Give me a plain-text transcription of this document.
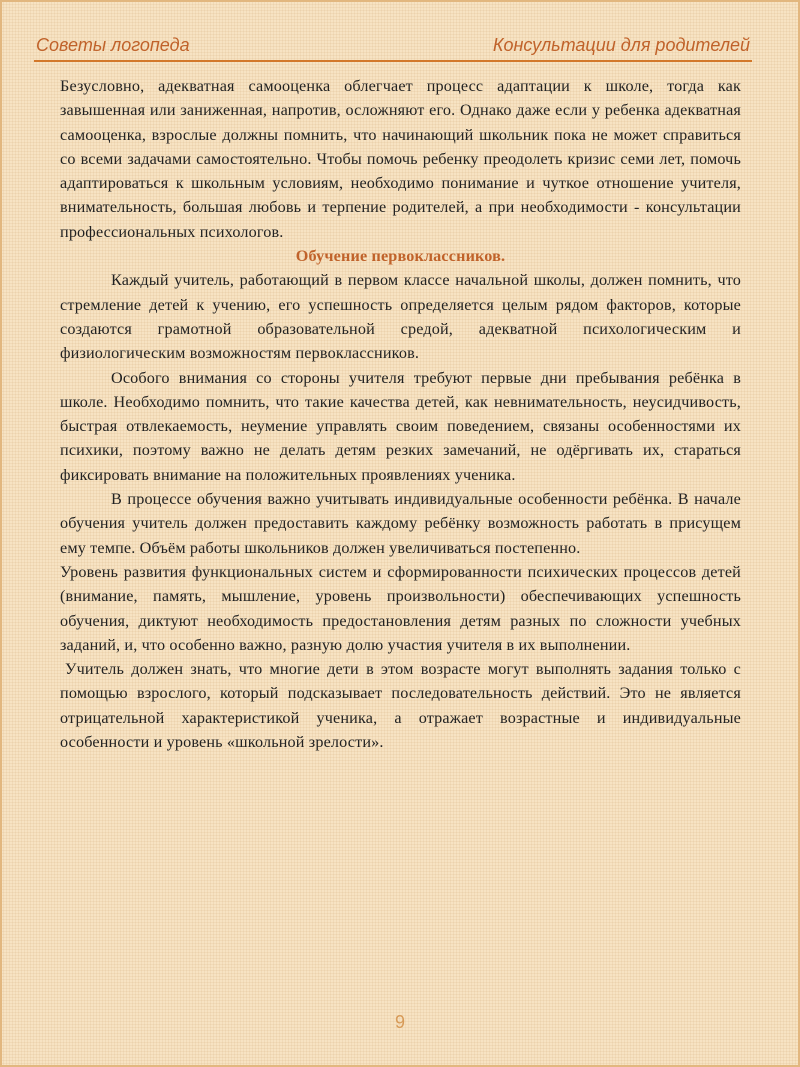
Советы логопеда	Консультации для родителей

Безусловно, адекватная самооценка облегчает процесс адаптации к школе, тогда как завышенная или заниженная, напротив, осложняют его. Однако даже если у ребенка адекватная самооценка, взрослые должны помнить, что начинающий школьник пока не может справиться со всеми задачами самостоятельно. Чтобы помочь ребенку преодолеть кризис семи лет, помочь адаптироваться к школьным условиям, необходимо понимание и чуткое отношение учителя, внимательность, большая любовь и терпение родителей, а при необходимости - консультации профессиональных психологов.

Обучение первоклассников.

Каждый учитель, работающий в первом классе начальной школы, должен помнить, что стремление детей к учению, его успешность определяется целым рядом факторов, которые создаются грамотной образовательной средой, адекватной психологическим и физиологическим возможностям первоклассников.

Особого внимания со стороны учителя требуют первые дни пребывания ребёнка в школе. Необходимо помнить, что такие качества детей, как невнимательность, неусидчивость, быстрая отвлекаемость, неумение управлять своим поведением, связаны особенностями их психики, поэтому важно не делать детям резких замечаний, не одёргивать их, стараться фиксировать внимание на положительных проявлениях ученика.

В процессе обучения важно учитывать индивидуальные особенности ребёнка. В начале обучения учитель должен предоставить каждому ребёнку возможность работать в присущем ему темпе. Объём работы школьников должен увеличиваться постепенно.

Уровень развития функциональных систем и сформированности психических процессов детей (внимание, память, мышление, уровень произвольности) обеспечивающих успешность обучения, диктуют необходимость предостановления детям разных по сложности учебных заданий, и, что особенно важно, разную долю участия учителя в их выполнении.

Учитель должен знать, что многие дети в этом возрасте могут выполнять задания только с помощью взрослого, который подсказывает последовательность действий. Это не является отрицательной характеристикой ученика, а отражает возрастные и индивидуальные особенности и уровень «школьной зрелости».

9
